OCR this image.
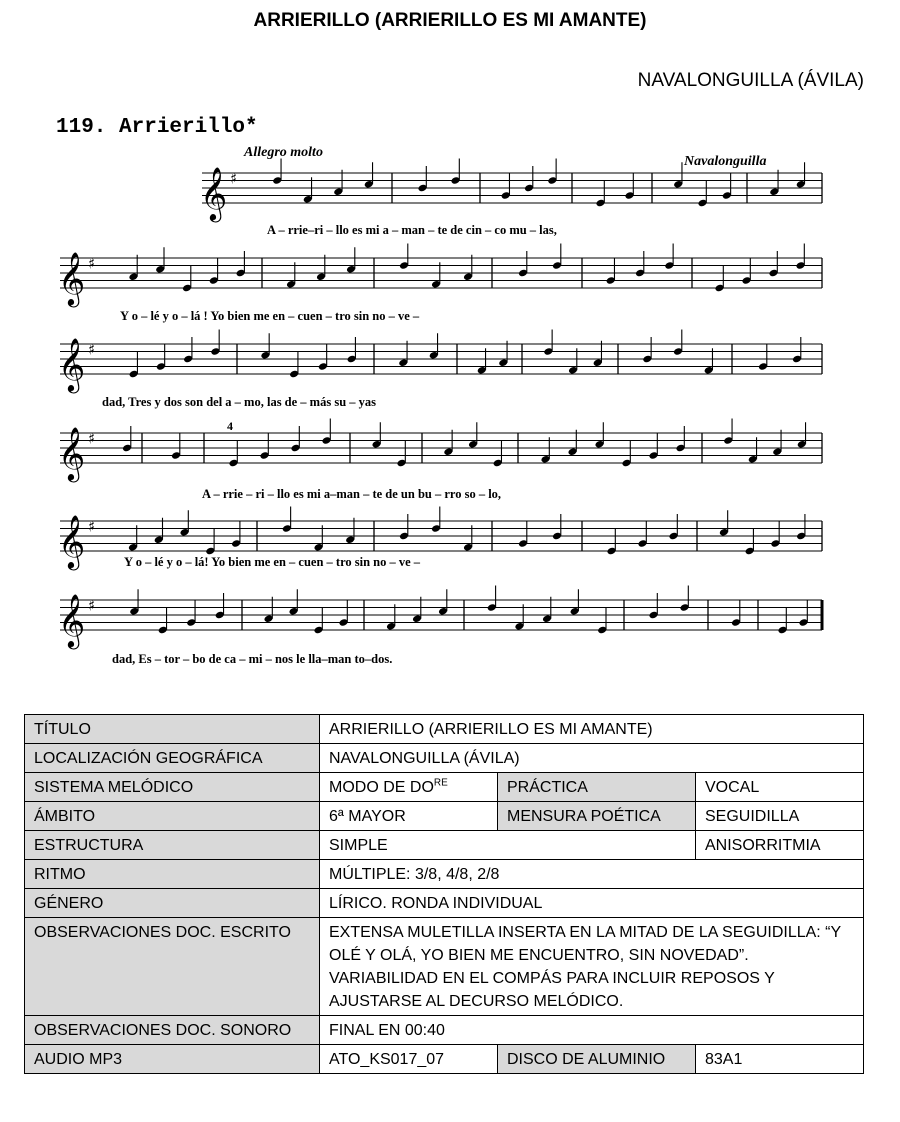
ARRIERILLO (ARRIERILLO ES MI AMANTE)
NAVALONGUILLA (ÁVILA)
119. Arrierillo*
Allegro molto
Navalonguilla
𝄞 ♯
𝄞 ♯
𝄞 ♯
𝄞 ♯
𝄞 ♯
𝄞 ♯
4
A – rrie–ri – llo es mi a – man – te de cin – co mu – las,
Y o – lé y o – lá ! Yo bien me en – cuen – tro sin no – ve –
dad, Tres y dos son del a – mo, las de – más su – yas
A – rrie – ri – llo es mi a–man – te de un bu – rro so – lo,
Y o – lé y o – lá! Yo bien me en – cuen – tro sin no – ve –
dad, Es – tor – bo de ca – mi – nos le lla–man to–dos.
TÍTULO	ARRIERILLO (ARRIERILLO ES MI AMANTE)		
LOCALIZACIÓN GEOGRÁFICA	NAVALONGUILLA (ÁVILA)		
SISTEMA MELÓDICO	MODO DE $DO^{RE}$	PRÁCTICA	VOCAL
ÁMBITO	6ª MAYOR	MENSURA POÉTICA	SEGUIDILLA
ESTRUCTURA	SIMPLE		ANISORRITMIA
RITMO	MÚLTIPLE: 3/8, 4/8, 2/8		
GÉNERO	LÍRICO. RONDA INDIVIDUAL		
OBSERVACIONES DOC. ESCRITO	EXTENSA MULETILLA INSERTA EN LA MITAD DE LA SEGUIDILLA: “Y OLÉ Y OLÁ, YO BIEN ME ENCUENTRO, SIN NOVEDAD”.
VARIABILIDAD EN EL COMPÁS PARA INCLUIR REPOSOS Y AJUSTARSE AL DECURSO MELÓDICO.		

OBSERVACIONES DOC. SONORO	FINAL EN 00:40		
AUDIO MP3	ATO_KS017_07	DISCO DE ALUMINIO	83A1
